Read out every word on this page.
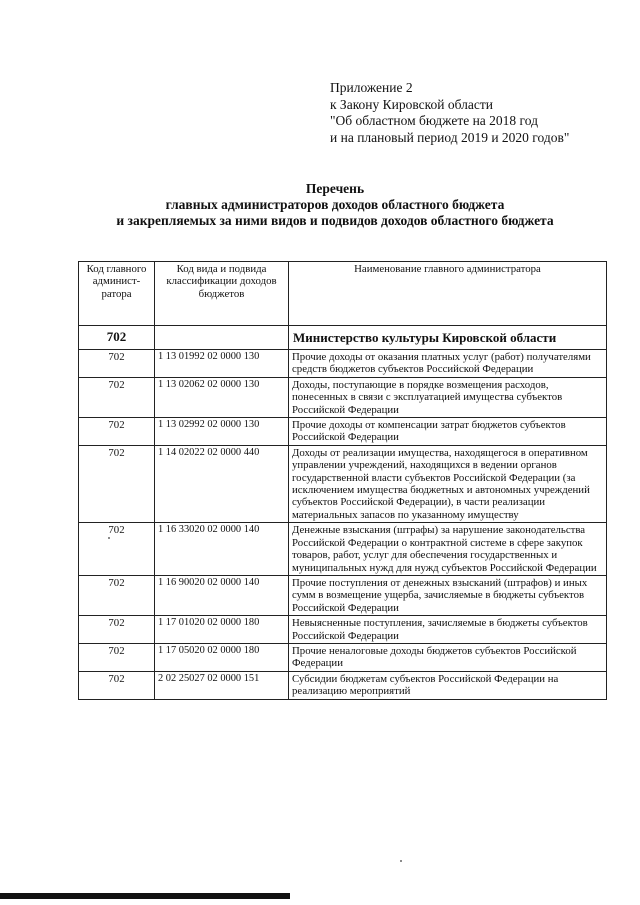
Приложение 2
к Закону Кировской области
"Об областном бюджете на 2018 год
и на плановый период 2019 и 2020 годов"
Перечень
главных администраторов доходов областного бюджета
и закрепляемых за ними видов и подвидов доходов областного бюджета
Код главного админист-ратора	Код вида и подвида классификации доходов бюджетов	Наименование главного администратора
702		Министерство культуры Кировской области
702	1 13 01992 02 0000 130	Прочие доходы от оказания платных услуг (работ) получателями средств бюджетов субъектов Российской Федерации
702	1 13 02062 02 0000 130	Доходы, поступающие в порядке возмещения расходов, понесенных в связи с эксплуатацией имущества субъектов Российской Федерации
702	1 13 02992 02 0000 130	Прочие доходы от компенсации затрат бюджетов субъектов Российской Федерации
702	1 14 02022 02 0000 440	Доходы от реализации имущества, находящегося в оперативном управлении учреждений, находящихся в ведении органов государственной власти субъектов Российской Федерации (за исключением имущества бюджетных и автономных учреждений субъектов Российской Федерации), в части реализации материальных запасов по указанному имуществу
702	1 16 33020 02 0000 140	Денежные взыскания (штрафы) за нарушение законодательства Российской Федерации о контрактной системе в сфере закупок товаров, работ, услуг для обеспечения государственных и муниципальных нужд для нужд субъектов Российской Федерации
702	1 16 90020 02 0000 140	Прочие поступления от денежных взысканий (штрафов) и иных сумм в возмещение ущерба, зачисляемые в бюджеты субъектов Российской Федерации
702	1 17 01020 02 0000 180	Невыясненные поступления, зачисляемые в бюджеты субъектов Российской Федерации
702	1 17 05020 02 0000 180	Прочие неналоговые доходы бюджетов субъектов Российской Федерации
702	2 02 25027 02 0000 151	Субсидии бюджетам субъектов Российской Федерации на реализацию мероприятий
